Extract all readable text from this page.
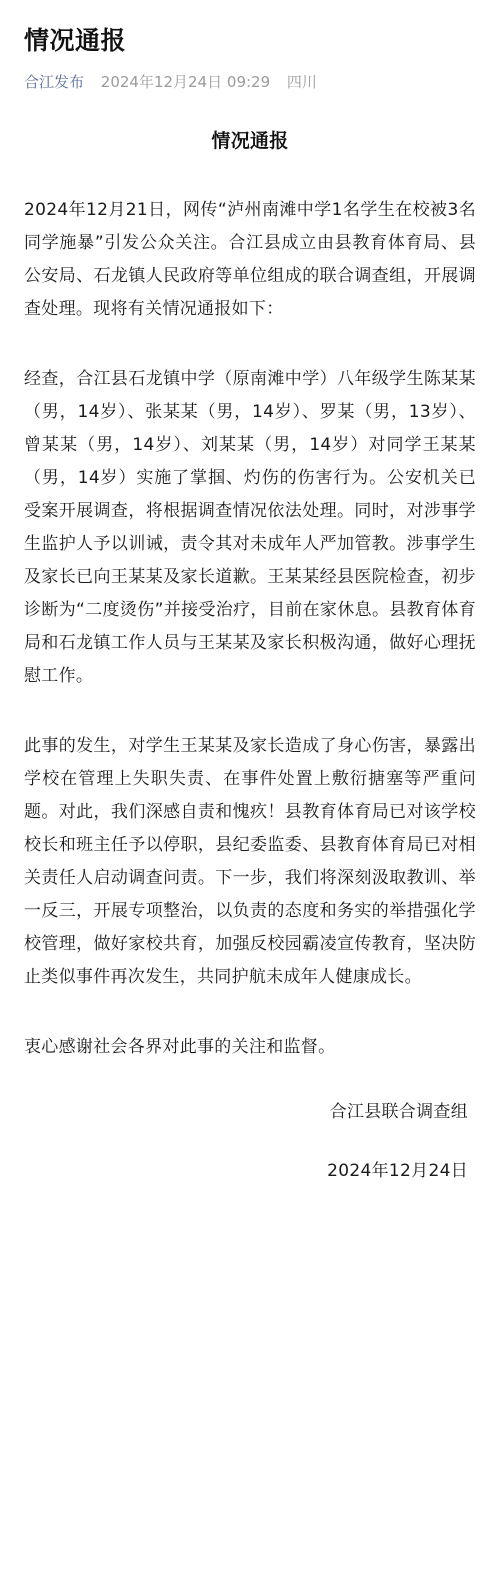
情况通报
合江发布 2024年12月24日 09:29 四川
情况通报

2024年12月21日，网传“泸州南滩中学1名学生在校被3名同学施暴”引发公众关注。合江县成立由县教育体育局、县公安局、石龙镇人民政府等单位组成的联合调查组，开展调查处理。现将有关情况通报如下：

经查，合江县石龙镇中学（原南滩中学）八年级学生陈某某（男，14岁）、张某某（男，14岁）、罗某（男，13岁）、曾某某（男，14岁）、刘某某（男，14岁）对同学王某某（男，14岁）实施了掌掴、灼伤的伤害行为。公安机关已受案开展调查，将根据调查情况依法处理。同时，对涉事学生监护人予以训诫，责令其对未成年人严加管教。涉事学生及家长已向王某某及家长道歉。王某某经县医院检查，初步诊断为“二度烫伤”并接受治疗，目前在家休息。县教育体育局和石龙镇工作人员与王某某及家长积极沟通，做好心理抚慰工作。

此事的发生，对学生王某某及家长造成了身心伤害，暴露出学校在管理上失职失责、在事件处置上敷衍搪塞等严重问题。对此，我们深感自责和愧疚！县教育体育局已对该学校校长和班主任予以停职，县纪委监委、县教育体育局已对相关责任人启动调查问责。下一步，我们将深刻汲取教训、举一反三，开展专项整治，以负责的态度和务实的举措强化学校管理，做好家校共育，加强反校园霸凌宣传教育，坚决防止类似事件再次发生，共同护航未成年人健康成长。

衷心感谢社会各界对此事的关注和监督。

合江县联合调查组
2024年12月24日
